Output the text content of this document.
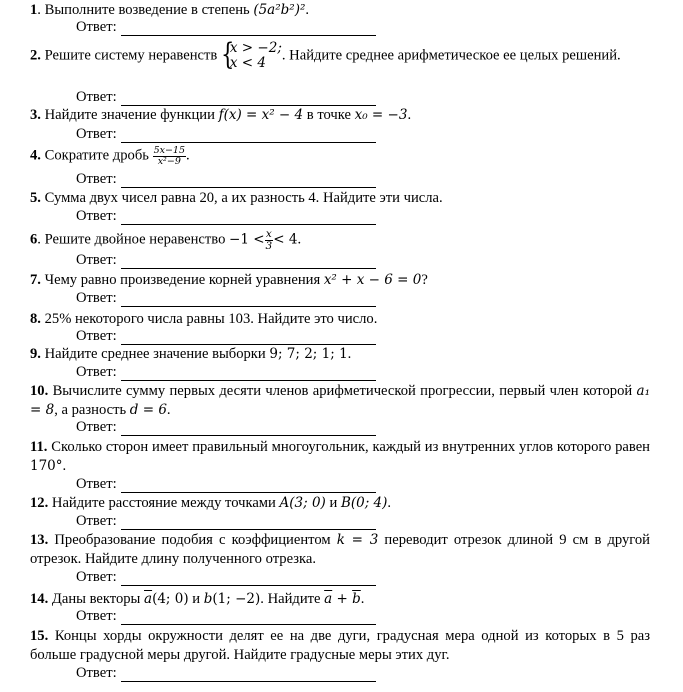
1. Выполните возведение в степень (5a²b²)².
Ответ:
2. Решите систему неравенств {
x > −2;
x < 4	. Найдите среднее арифметическое ее целых решений.
Ответ:
3. Найдите значение функции f(x) = x² − 4 в точке x₀ = −3.
Ответ:
4. Сократите дробь $\frac{5x-15}{\text{x²−9}}$ .
Ответ:
5. Сумма двух чисел равна 20, а их разность 4. Найдите эти числа.
Ответ:
6. Решите двойное неравенство $-1 < \frac{x}{3} < 4$.
Ответ:
7. Чему равно произведение корней уравнения x² + x − 6 = 0?
Ответ:
8. 25% некоторого числа равны 103. Найдите это число.
Ответ:
9. Найдите среднее значение выборки 9; 7; 2; 1; 1.
Ответ:
10. Вычислите сумму первых десяти членов арифметической прогрессии, первый член которой a₁ = 8, а разность d = 6.
Ответ:
11. Сколько сторон имеет правильный многоугольник, каждый из внутренних углов которого равен 170°.
Ответ:
12. Найдите расстояние между точками A(3; 0) и B(0; 4).
Ответ:
13. Преобразование подобия с коэффициентом k = 3 переводит отрезок длиной 9 см в другой отрезок. Найдите длину полученного отрезка.
Ответ:
14. Даны векторы $\overline{a}(4$; 0) и b(1; −2). Найдите $\overline{a} + \overline{b}$.
Ответ:
15. Концы хорды окружности делят ее на две дуги, градусная мера одной из которых в 5 раз больше градусной меры другой. Найдите градусные меры этих дуг.
Ответ:
